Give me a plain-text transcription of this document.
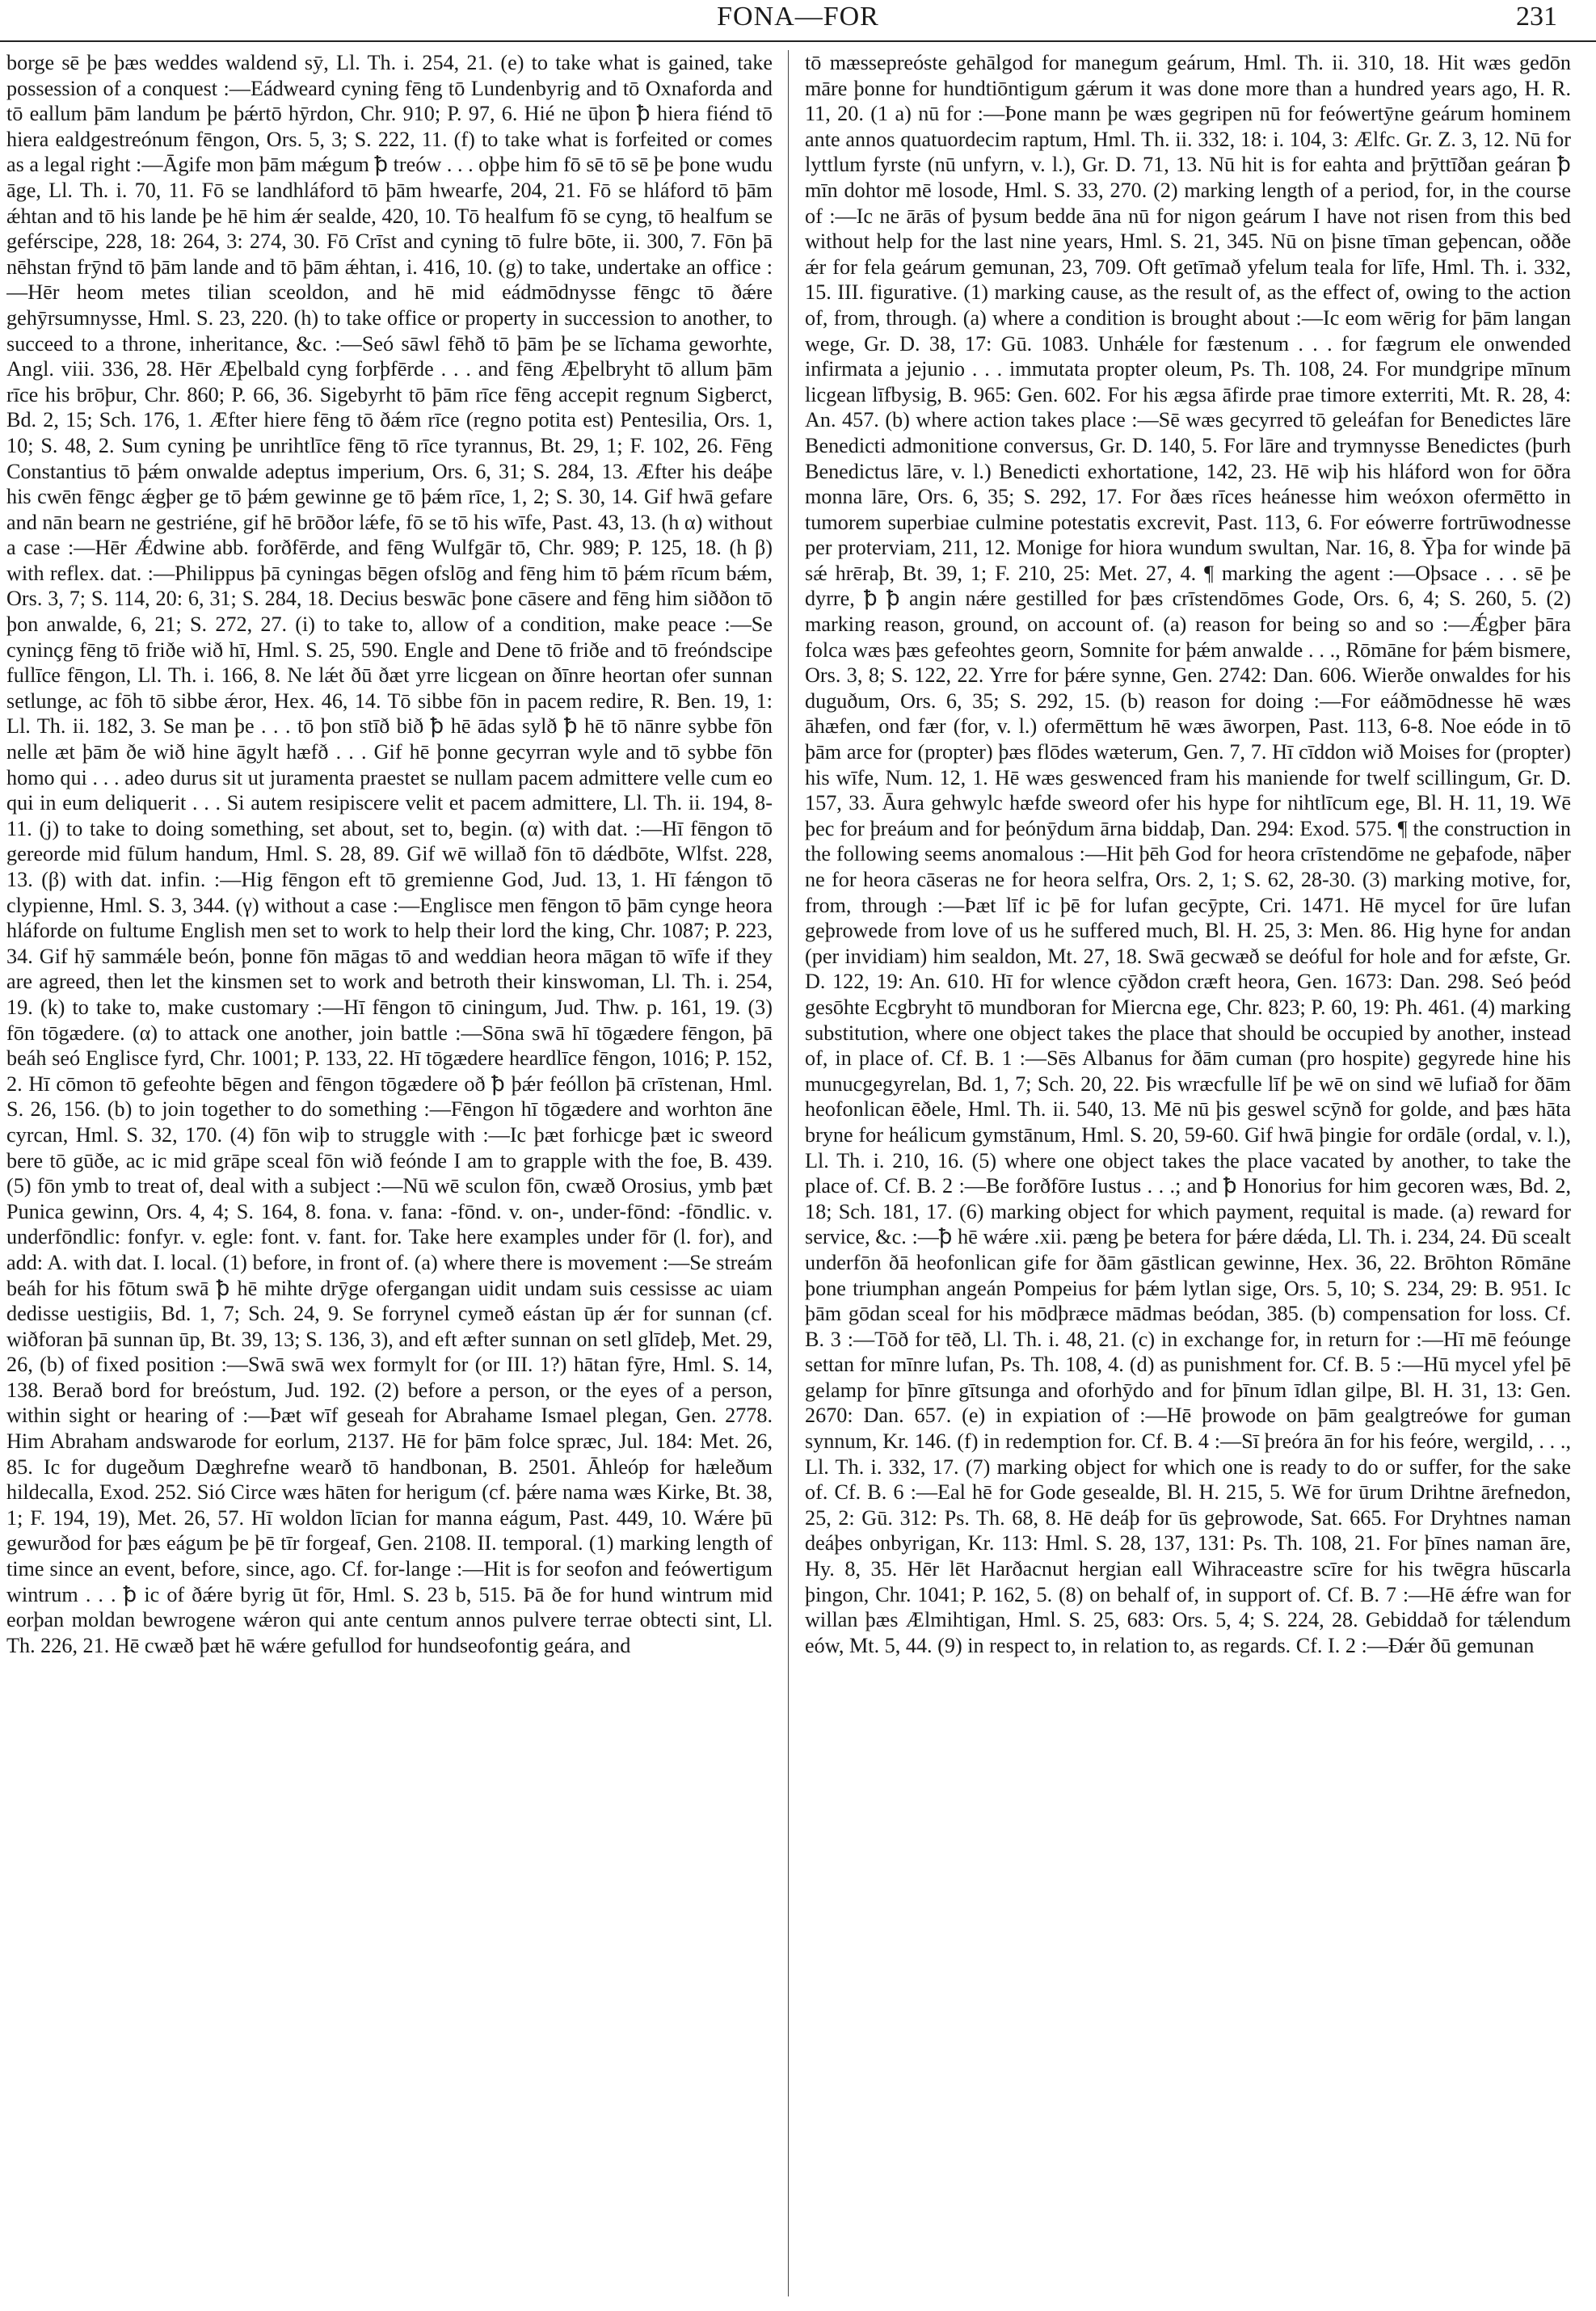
FONA—FOR	231

borge sē þe þæs weddes waldend sȳ, Ll. Th. i. 254, 21. (e) to take what is gained, take possession of a conquest :—Eádweard cyning fēng tō Lundenbyrig and tō Oxnaforda and tō eallum þām landum þe þǽrtō hȳrdon, Chr. 910; P. 97, 6. Hié ne ūþon ꝥ hiera fiénd tō hiera ealdgestreónum fēngon, Ors. 5, 3; S. 222, 11. (f) to take what is forfeited or comes as a legal right :—Āgife mon þām mǽgum ꝥ treów . . . oþþe him fō sē tō sē þe þone wudu āge, Ll. Th. i. 70, 11. Fō se landhláford tō þām hwearfe, 204, 21. Fō se hláford tō þām ǽhtan and tō his lande þe hē him ǽr sealde, 420, 10. Tō healfum fō se cyng, tō healfum se geférscipe, 228, 18: 264, 3: 274, 30. Fō Crīst and cyning tō fulre bōte, ii. 300, 7. Fōn þā nēhstan frȳnd tō þām lande and tō þām ǽhtan, i. 416, 10. (g) to take, undertake an office :—Hēr heom metes tilian sceoldon, and hē mid eádmōdnysse fēngc tō ðǽre gehȳrsumnysse, Hml. S. 23, 220. (h) to take office or property in succession to another, to succeed to a throne, inheritance, &c. :—Seó sāwl fēhð tō þām þe se līchama geworhte, Angl. viii. 336, 28. Hēr Æþelbald cyng forþfērde . . . and fēng Æþelbryht tō allum þām rīce his brōþur, Chr. 860; P. 66, 36. Sigebyrht tō þām rīce fēng accepit regnum Sigberct, Bd. 2, 15; Sch. 176, 1. Æfter hiere fēng tō ðǽm rīce (regno potita est) Pentesilia, Ors. 1, 10; S. 48, 2. Sum cyning þe unrihtlīce fēng tō rīce tyrannus, Bt. 29, 1; F. 102, 26. Fēng Constantius tō þǽm onwalde adeptus imperium, Ors. 6, 31; S. 284, 13. Æfter his deáþe his cwēn fēngc ǽgþer ge tō þǽm gewinne ge tō þǽm rīce, 1, 2; S. 30, 14. Gif hwā gefare and nān bearn ne gestriéne, gif hē brōðor lǽfe, fō se tō his wīfe, Past. 43, 13. (h α) without a case :—Hēr Ǽdwine abb. forðfērde, and fēng Wulfgār tō, Chr. 989; P. 125, 18. (h β) with reflex. dat. :—Philippus þā cyningas bēgen ofslōg and fēng him tō þǽm rīcum bǽm, Ors. 3, 7; S. 114, 20: 6, 31; S. 284, 18. Decius beswāc þone cāsere and fēng him siððon tō þon anwalde, 6, 21; S. 272, 27. (i) to take to, allow of a condition, make peace :—Se cyninçg fēng tō friðe wið hī, Hml. S. 25, 590. Engle and Dene tō friðe and tō freóndscipe fullīce fēngon, Ll. Th. i. 166, 8. Ne lǽt ðū ðæt yrre licgean on ðīnre heortan ofer sunnan setlunge, ac fōh tō sibbe ǽror, Hex. 46, 14. Tō sibbe fōn in pacem redire, R. Ben. 19, 1: Ll. Th. ii. 182, 3. Se man þe . . . tō þon stīð bið ꝥ hē ādas sylð ꝥ hē tō nānre sybbe fōn nelle æt þām ðe wið hine āgylt hæfð . . . Gif hē þonne gecyrran wyle and tō sybbe fōn homo qui . . . adeo durus sit ut juramenta praestet se nullam pacem admittere velle cum eo qui in eum deliquerit . . . Si autem resipiscere velit et pacem admittere, Ll. Th. ii. 194, 8-11. (j) to take to doing something, set about, set to, begin. (α) with dat. :—Hī fēngon tō gereorde mid fūlum handum, Hml. S. 28, 89. Gif wē willað fōn tō dǽdbōte, Wlfst. 228, 13. (β) with dat. infin. :—Hig fēngon eft tō gremienne God, Jud. 13, 1. Hī fǽngon tō clypienne, Hml. S. 3, 344. (γ) without a case :—Englisce men fēngon tō þām cynge heora hláforde on fultume English men set to work to help their lord the king, Chr. 1087; P. 223, 34. Gif hȳ sammǽle beón, þonne fōn māgas tō and weddian heora māgan tō wīfe if they are agreed, then let the kinsmen set to work and betroth their kinswoman, Ll. Th. i. 254, 19. (k) to take to, make customary :—Hī fēngon tō ciningum, Jud. Thw. p. 161, 19. (3) fōn tōgædere. (α) to attack one another, join battle :—Sōna swā hī tōgædere fēngon, þā beáh seó Englisce fyrd, Chr. 1001; P. 133, 22. Hī tōgædere heardlīce fēngon, 1016; P. 152, 2. Hī cōmon tō gefeohte bēgen and fēngon tōgædere oð ꝥ þǽr feóllon þā crīstenan, Hml. S. 26, 156. (b) to join together to do something :—Fēngon hī tōgædere and worhton āne cyrcan, Hml. S. 32, 170. (4) fōn wiþ to struggle with :—Ic þæt forhicge þæt ic sweord bere tō gūðe, ac ic mid grāpe sceal fōn wið feónde I am to grapple with the foe, B. 439. (5) fōn ymb to treat of, deal with a subject :—Nū wē sculon fōn, cwæð Orosius, ymb þæt Punica gewinn, Ors. 4, 4; S. 164, 8. fona. v. fana: -fōnd. v. on-, under-fōnd: -fōndlic. v. underfōndlic: fonfyr. v. egle: font. v. fant. for. Take here examples under fōr (l. for), and add: A. with dat. I. local. (1) before, in front of. (a) where there is movement :—Se streám beáh for his fōtum swā ꝥ hē mihte drȳge ofergangan uidit undam suis cessisse ac uiam dedisse uestigiis, Bd. 1, 7; Sch. 24, 9. Se forrynel cymeð eástan ūp ǽr for sunnan (cf. wiðforan þā sunnan ūp, Bt. 39, 13; S. 136, 3), and eft æfter sunnan on setl glīdeþ, Met. 29, 26, (b) of fixed position :—Swā swā wex formylt for (or III. 1?) hātan fȳre, Hml. S. 14, 138. Berað bord for breóstum, Jud. 192. (2) before a person, or the eyes of a person, within sight or hearing of :—Þæt wīf geseah for Abrahame Ismael plegan, Gen. 2778. Him Abraham andswarode for eorlum, 2137. Hē for þām folce spræc, Jul. 184: Met. 26, 85. Ic for dugeðum Dæghrefne wearð tō handbonan, B. 2501. Āhleóp for hæleðum hildecalla, Exod. 252. Sió Circe wæs hāten for herigum (cf. þǽre nama wæs Kirke, Bt. 38, 1; F. 194, 19), Met. 26, 57. Hī woldon līcian for manna eágum, Past. 449, 10. Wǽre þū gewurðod for þæs eágum þe þē tīr forgeaf, Gen. 2108. II. temporal. (1) marking length of time since an event, before, since, ago. Cf. for-lange :—Hit is for seofon and feówertigum wintrum . . . ꝥ ic of ðǽre byrig ūt fōr, Hml. S. 23 b, 515. Þā ðe for hund wintrum mid eorþan moldan bewrogene wǽron qui ante centum annos pulvere terrae obtecti sint, Ll. Th. 226, 21. Hē cwæð þæt hē wǽre gefullod for hundseofontig geára, and

tō mæssepreóste gehālgod for manegum geárum, Hml. Th. ii. 310, 18. Hit wæs gedōn māre þonne for hundtiōntigum gǽrum it was done more than a hundred years ago, H. R. 11, 20. (1 a) nū for :—Þone mann þe wæs gegripen nū for feówertȳne geárum hominem ante annos quatuordecim raptum, Hml. Th. ii. 332, 18: i. 104, 3: Ælfc. Gr. Z. 3, 12. Nū for lyttlum fyrste (nū unfyrn, v. l.), Gr. D. 71, 13. Nū hit is for eahta and þrȳttīðan geáran ꝥ mīn dohtor mē losode, Hml. S. 33, 270. (2) marking length of a period, for, in the course of :—Ic ne ārās of þysum bedde āna nū for nigon geárum I have not risen from this bed without help for the last nine years, Hml. S. 21, 345. Nū on þisne tīman geþencan, oððe ǽr for fela geárum gemunan, 23, 709. Oft getīmað yfelum teala for līfe, Hml. Th. i. 332, 15. III. figurative. (1) marking cause, as the result of, as the effect of, owing to the action of, from, through. (a) where a condition is brought about :—Ic eom wērig for þām langan wege, Gr. D. 38, 17: Gū. 1083. Unhǽle for fæstenum . . . for fægrum ele onwended infirmata a jejunio . . . immutata propter oleum, Ps. Th. 108, 24. For mundgripe mīnum licgean līfbysig, B. 965: Gen. 602. For his ægsa āfirde prae timore exterriti, Mt. R. 28, 4: An. 457. (b) where action takes place :—Sē wæs gecyrred tō geleáfan for Benedictes lāre Benedicti admonitione conversus, Gr. D. 140, 5. For lāre and trymnysse Benedictes (þurh Benedictus lāre, v. l.) Benedicti exhortatione, 142, 23. Hē wiþ his hláford won for ōðra monna lāre, Ors. 6, 35; S. 292, 17. For ðæs rīces heánesse him weóxon ofermētto in tumorem superbiae culmine potestatis excrevit, Past. 113, 6. For eówerre fortrūwodnesse per proterviam, 211, 12. Monige for hiora wundum swultan, Nar. 16, 8. Ȳþa for winde þā sǽ hrēraþ, Bt. 39, 1; F. 210, 25: Met. 27, 4. ¶ marking the agent :—Oþsace . . . sē þe dyrre, ꝥ ꝥ angin nǽre gestilled for þæs crīstendōmes Gode, Ors. 6, 4; S. 260, 5. (2) marking reason, ground, on account of. (a) reason for being so and so :—Ǽgþer þāra folca wæs þæs gefeohtes georn, Somnite for þǽm anwalde . . ., Rōmāne for þǽm bismere, Ors. 3, 8; S. 122, 22. Yrre for þǽre synne, Gen. 2742: Dan. 606. Wierðe onwaldes for his duguðum, Ors. 6, 35; S. 292, 15. (b) reason for doing :—For eáðmōdnesse hē wæs āhæfen, ond fær (for, v. l.) ofermēttum hē wæs āworpen, Past. 113, 6-8. Noe eóde in tō þām arce for (propter) þæs flōdes wæterum, Gen. 7, 7. Hī cīddon wið Moises for (propter) his wīfe, Num. 12, 1. Hē wæs geswenced fram his maniende for twelf scillingum, Gr. D. 157, 33. Āura gehwylc hæfde sweord ofer his hype for nihtlīcum ege, Bl. H. 11, 19. Wē þec for þreáum and for þeónȳdum ārna biddaþ, Dan. 294: Exod. 575. ¶ the construction in the following seems anomalous :—Hit þēh God for heora crīstendōme ne geþafode, nāþer ne for heora cāseras ne for heora selfra, Ors. 2, 1; S. 62, 28-30. (3) marking motive, for, from, through :—Þæt līf ic þē for lufan gecȳpte, Cri. 1471. Hē mycel for ūre lufan geþrowede from love of us he suffered much, Bl. H. 25, 3: Men. 86. Hig hyne for andan (per invidiam) him sealdon, Mt. 27, 18. Swā gecwæð se deóful for hole and for æfste, Gr. D. 122, 19: An. 610. Hī for wlence cȳðdon cræft heora, Gen. 1673: Dan. 298. Seó þeód gesōhte Ecgbryht tō mundboran for Miercna ege, Chr. 823; P. 60, 19: Ph. 461. (4) marking substitution, where one object takes the place that should be occupied by another, instead of, in place of. Cf. B. 1 :—Sēs Albanus for ðām cuman (pro hospite) gegyrede hine his munucgegyrelan, Bd. 1, 7; Sch. 20, 22. Þis wræcfulle līf þe wē on sind wē lufiað for ðām heofonlican ēðele, Hml. Th. ii. 540, 13. Mē nū þis geswel scȳnð for golde, and þæs hāta bryne for heálicum gymstānum, Hml. S. 20, 59-60. Gif hwā þingie for ordāle (ordal, v. l.), Ll. Th. i. 210, 16. (5) where one object takes the place vacated by another, to take the place of. Cf. B. 2 :—Be forðfōre Iustus . . .; and ꝥ Honorius for him gecoren wæs, Bd. 2, 18; Sch. 181, 17. (6) marking object for which payment, requital is made. (a) reward for service, &c. :—ꝥ hē wǽre .xii. pæng þe betera for þǽre dǽda, Ll. Th. i. 234, 24. Ðū scealt underfōn ðā heofonlican gife for ðām gāstlican gewinne, Hex. 36, 22. Brōhton Rōmāne þone triumphan angeán Pompeius for þǽm lytlan sige, Ors. 5, 10; S. 234, 29: B. 951. Ic þām gōdan sceal for his mōdþræce mādmas beódan, 385. (b) compensation for loss. Cf. B. 3 :—Tōð for tēð, Ll. Th. i. 48, 21. (c) in exchange for, in return for :—Hī mē feóunge settan for mīnre lufan, Ps. Th. 108, 4. (d) as punishment for. Cf. B. 5 :—Hū mycel yfel þē gelamp for þīnre gītsunga and oforhȳdo and for þīnum īdlan gilpe, Bl. H. 31, 13: Gen. 2670: Dan. 657. (e) in expiation of :—Hē þrowode on þām gealgtreówe for guman synnum, Kr. 146. (f) in redemption for. Cf. B. 4 :—Sī þreóra ān for his feóre, wergild, . . ., Ll. Th. i. 332, 17. (7) marking object for which one is ready to do or suffer, for the sake of. Cf. B. 6 :—Eal hē for Gode gesealde, Bl. H. 215, 5. Wē for ūrum Drihtne ārefnedon, 25, 2: Gū. 312: Ps. Th. 68, 8. Hē deáþ for ūs geþrowode, Sat. 665. For Dryhtnes naman deáþes onbyrigan, Kr. 113: Hml. S. 28, 137, 131: Ps. Th. 108, 21. For þīnes naman āre, Hy. 8, 35. Hēr lēt Harðacnut hergian eall Wihraceastre scīre for his twēgra hūscarla þingon, Chr. 1041; P. 162, 5. (8) on behalf of, in support of. Cf. B. 7 :—Hē ǽfre wan for willan þæs Ælmihtigan, Hml. S. 25, 683: Ors. 5, 4; S. 224, 28. Gebiddað for tǽlendum eów, Mt. 5, 44. (9) in respect to, in relation to, as regards. Cf. I. 2 :—Ðǽr ðū gemunan
